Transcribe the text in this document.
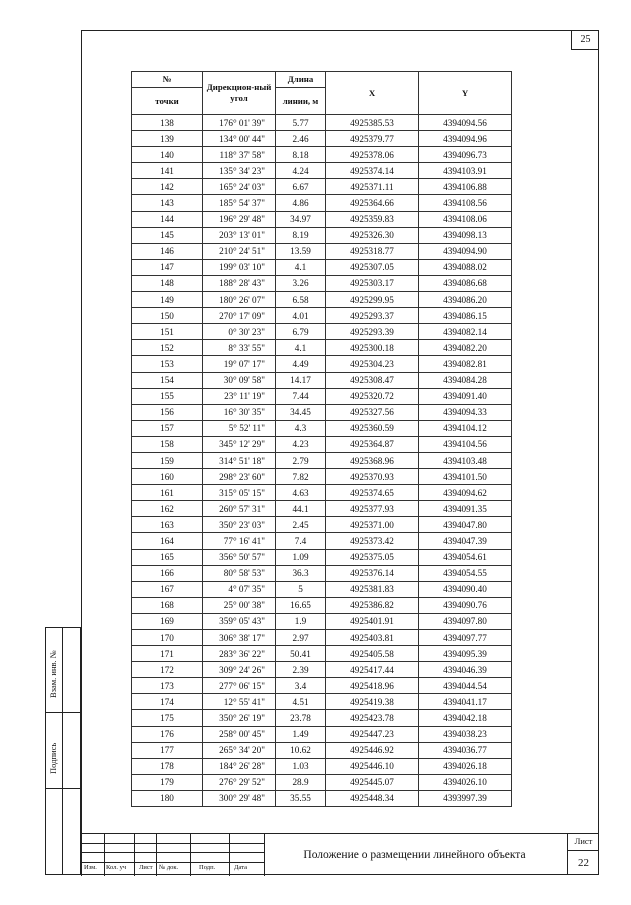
25
Взам. инв. №
Подпись
№	Дирекцион-ный угол	Длина	X	Y
точки		линии, м		
138	176° 01' 39"	5.77	4925385.53	4394094.56
139	134° 00' 44"	2.46	4925379.77	4394094.96
140	118° 37' 58"	8.18	4925378.06	4394096.73
141	135° 34' 23"	4.24	4925374.14	4394103.91
142	165° 24' 03"	6.67	4925371.11	4394106.88
143	185° 54' 37"	4.86	4925364.66	4394108.56
144	196° 29' 48"	34.97	4925359.83	4394108.06
145	203° 13' 01"	8.19	4925326.30	4394098.13
146	210° 24' 51"	13.59	4925318.77	4394094.90
147	199° 03' 10"	4.1	4925307.05	4394088.02
148	188° 28' 43"	3.26	4925303.17	4394086.68
149	180° 26' 07"	6.58	4925299.95	4394086.20
150	270° 17' 09"	4.01	4925293.37	4394086.15
151	0° 30' 23"	6.79	4925293.39	4394082.14
152	8° 33' 55"	4.1	4925300.18	4394082.20
153	19° 07' 17"	4.49	4925304.23	4394082.81
154	30° 09' 58"	14.17	4925308.47	4394084.28
155	23° 11' 19"	7.44	4925320.72	4394091.40
156	16° 30' 35"	34.45	4925327.56	4394094.33
157	5° 52' 11"	4.3	4925360.59	4394104.12
158	345° 12' 29"	4.23	4925364.87	4394104.56
159	314° 51' 18"	2.79	4925368.96	4394103.48
160	298° 23' 60"	7.82	4925370.93	4394101.50
161	315° 05' 15"	4.63	4925374.65	4394094.62
162	260° 57' 31"	44.1	4925377.93	4394091.35
163	350° 23' 03"	2.45	4925371.00	4394047.80
164	77° 16' 41"	7.4	4925373.42	4394047.39
165	356° 50' 57"	1.09	4925375.05	4394054.61
166	80° 58' 53"	36.3	4925376.14	4394054.55
167	4° 07' 35"	5	4925381.83	4394090.40
168	25° 00' 38"	16.65	4925386.82	4394090.76
169	359° 05' 43"	1.9	4925401.91	4394097.80
170	306° 38' 17"	2.97	4925403.81	4394097.77
171	283° 36' 22"	50.41	4925405.58	4394095.39
172	309° 24' 26"	2.39	4925417.44	4394046.39
173	277° 06' 15"	3.4	4925418.96	4394044.54
174	12° 55' 41"	4.51	4925419.38	4394041.17
175	350° 26' 19"	23.78	4925423.78	4394042.18
176	258° 00' 45"	1.49	4925447.23	4394038.23
177	265° 34' 20"	10.62	4925446.92	4394036.77
178	184° 26' 28"	1.03	4925446.10	4394026.18
179	276° 29' 52"	28.9	4925445.07	4394026.10
180	300° 29' 48"	35.55	4925448.34	4393997.39
Изм. Кол. уч Лист № док.	Подп.	Дата
Положение о размещении линейного объекта
Лист
22
